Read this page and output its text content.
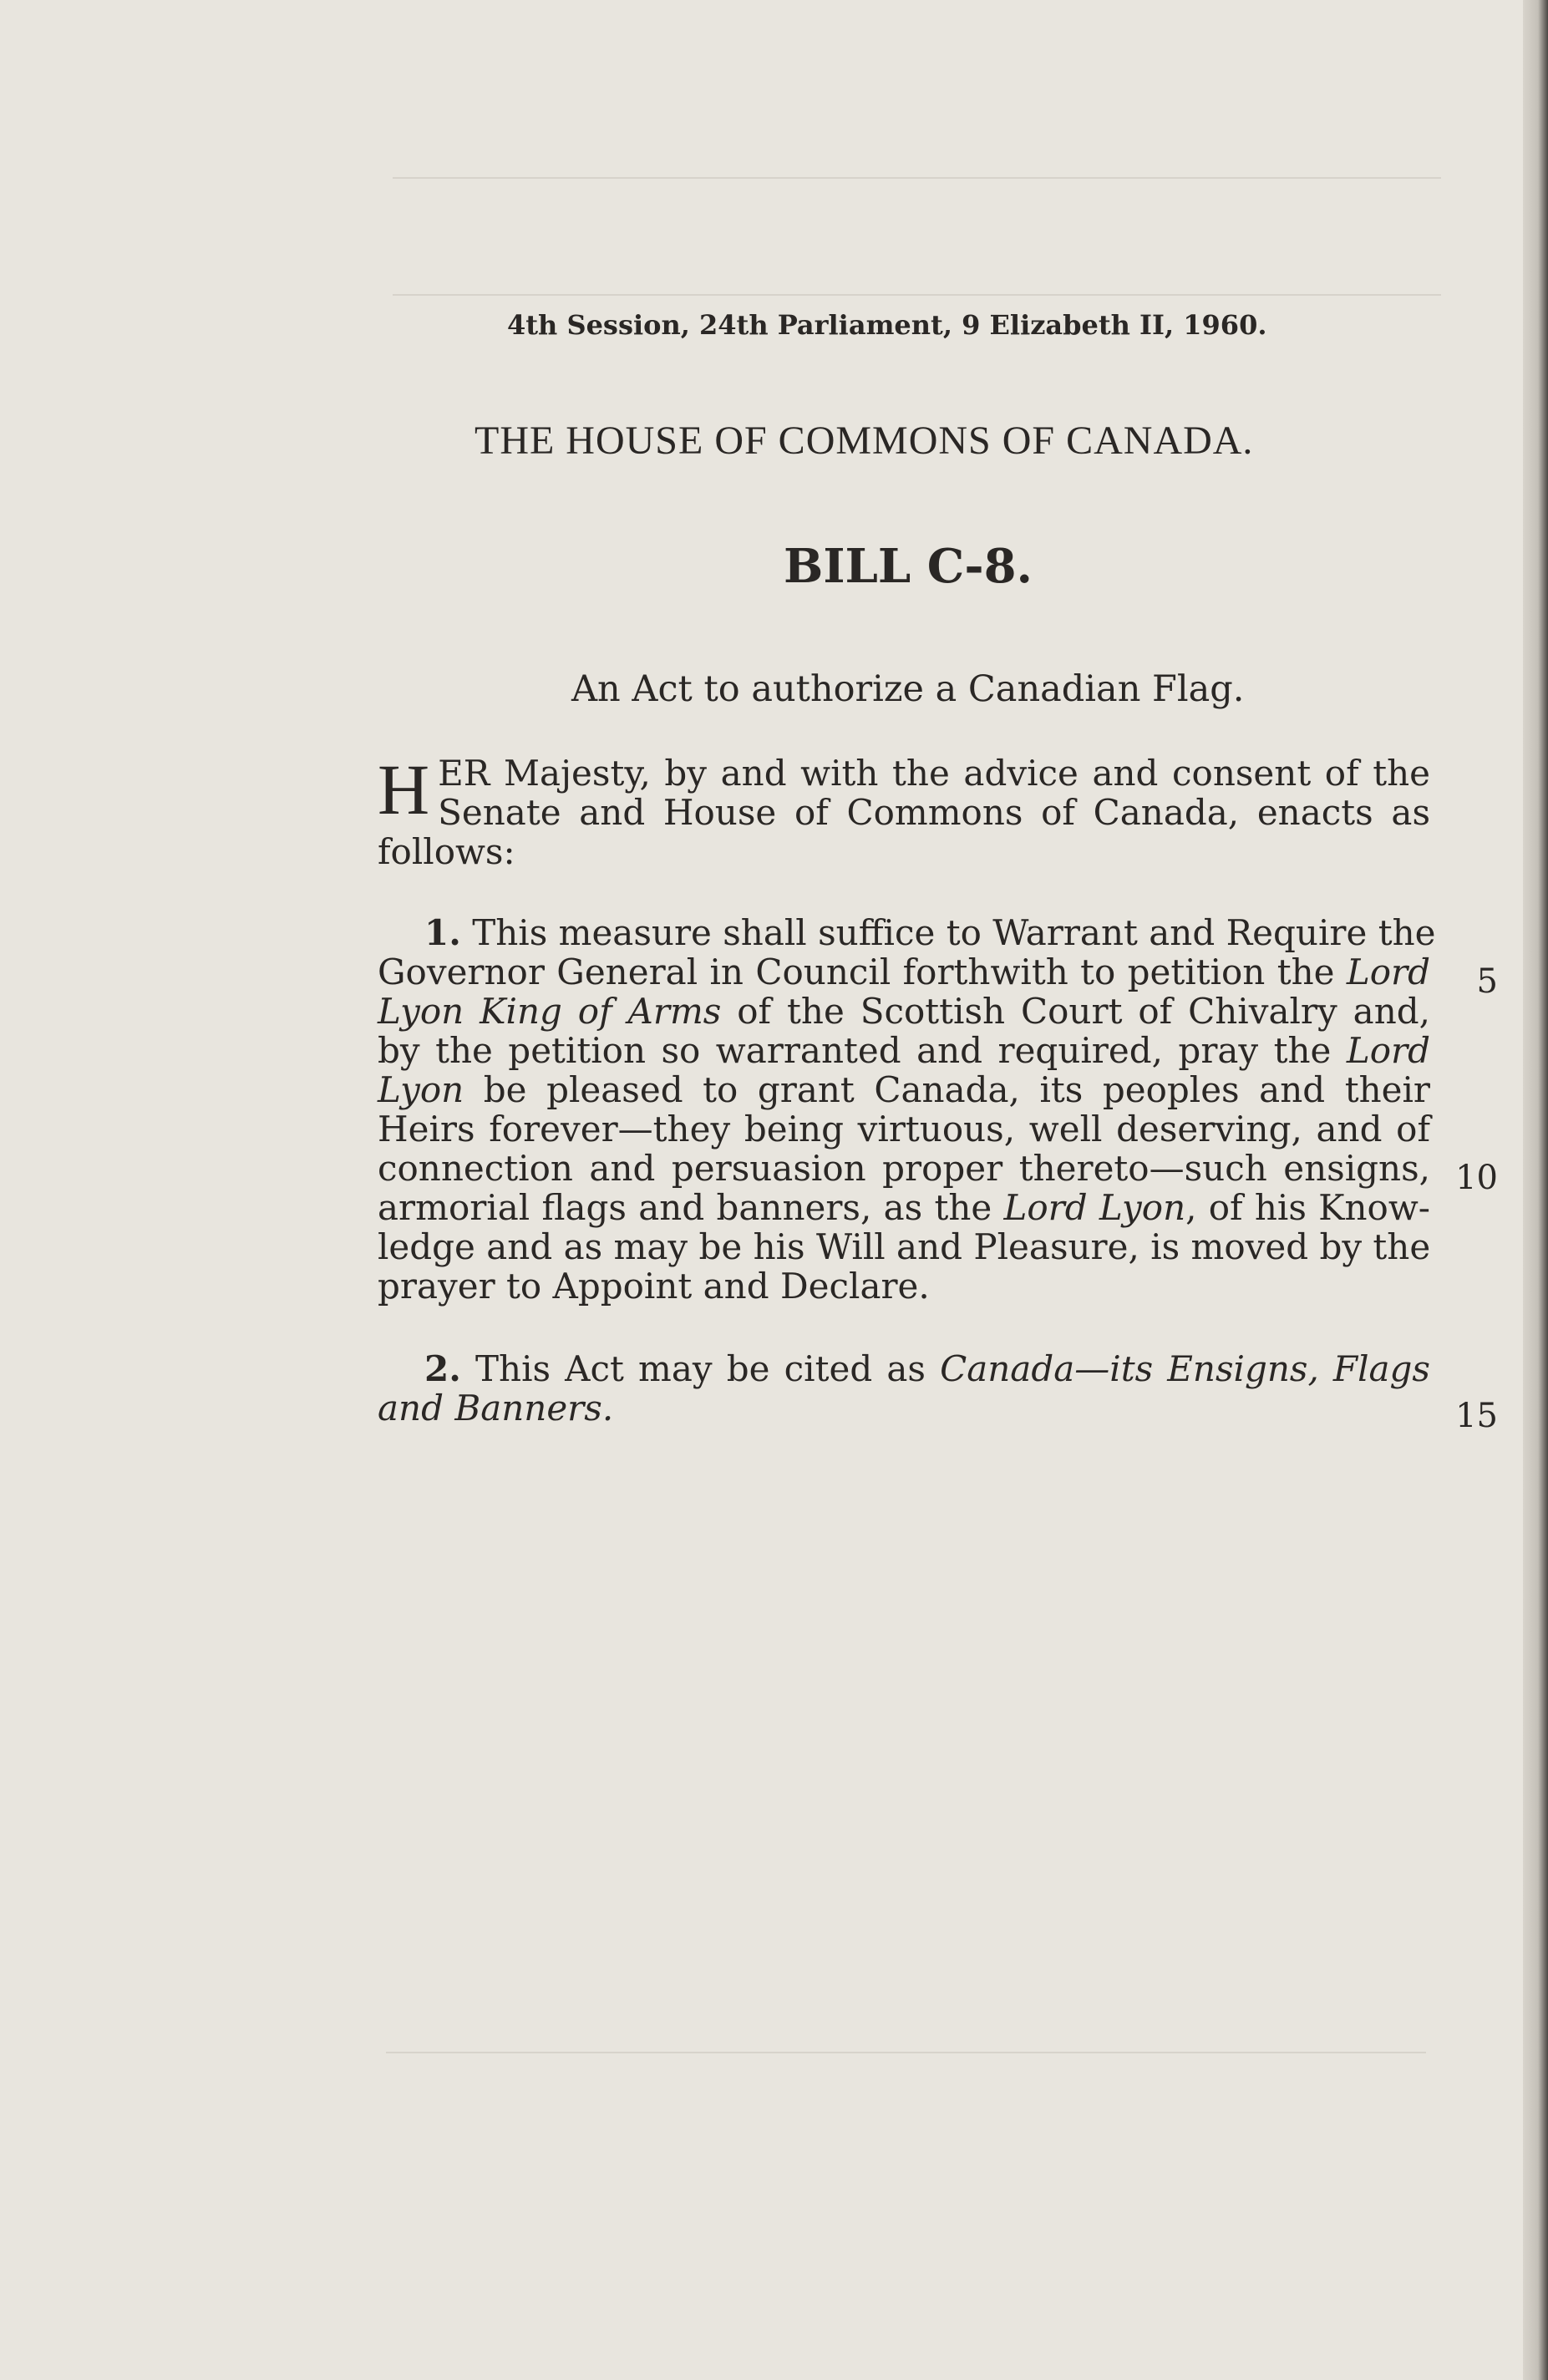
4th Session, 24th Parliament, 9 Elizabeth II, 1960.
THE HOUSE OF COMMONS OF CANADA.
BILL C-8.
An Act to authorize a Canadian Flag.
H ER Majesty, by and with the advice and consent of the
Senate and House of Commons of Canada, enacts as
follows:
1. This measure shall suffice to Warrant and Require the
Governor General in Council forthwith to petition the Lord
Lyon King of Arms of the Scottish Court of Chivalry and,
by the petition so warranted and required, pray the Lord
Lyon be pleased to grant Canada, its peoples and their
Heirs forever—they being virtuous, well deserving, and of
connection and persuasion proper thereto—such ensigns,
armorial flags and banners, as the Lord Lyon, of his Know-
ledge and as may be his Will and Pleasure, is moved by the
prayer to Appoint and Declare.
2. This Act may be cited as Canada—its Ensigns, Flags
and Banners.
5
10
15
